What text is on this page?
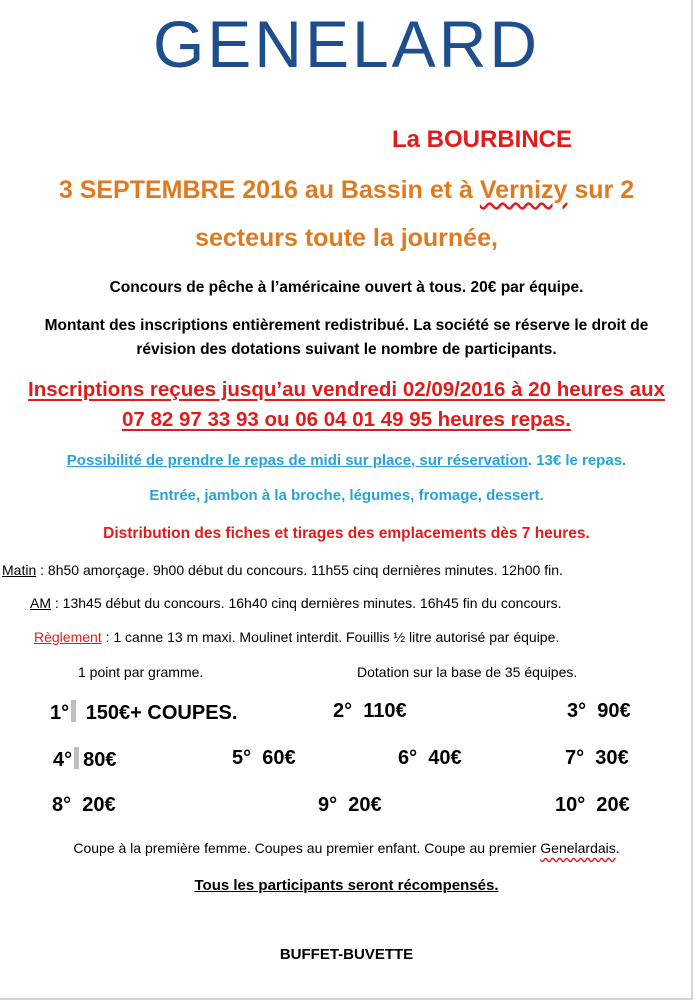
GENELARD
La BOURBINCE
3 SEPTEMBRE 2016 au Bassin et à Vernizy sur 2
secteurs toute la journée,
Concours de pêche à l’américaine ouvert à tous. 20€ par équipe.
Montant des inscriptions entièrement redistribué. La société se réserve le droit de
révision des dotations suivant le nombre de participants.
Inscriptions reçues jusqu’au vendredi 02/09/2016 à 20 heures aux
07 82 97 33 93 ou 06 04 01 49 95 heures repas.
Possibilité de prendre le repas de midi sur place, sur réservation. 13€ le repas.
Entrée, jambon à la broche, légumes, fromage, dessert.
Distribution des fiches et tirages des emplacements dès 7 heures.
Matin : 8h50 amorçage. 9h00 début du concours. 11h55 cinq dernières minutes. 12h00 fin.
AM : 13h45 début du concours. 16h40 cinq dernières minutes. 16h45 fin du concours.
Règlement : 1 canne 13 m maxi. Moulinet interdit. Fouillis ½ litre autorisé par équipe.
1 point par gramme.	Dotation sur la base de 35 équipes.
1° 150€+ COUPES.	2° 110€	3° 90€
4° 80€	5° 60€	6° 40€	7° 30€
8° 20€	9° 20€	10° 20€
Coupe à la première femme. Coupes au premier enfant. Coupe au premier Genelardais.
Tous les participants seront récompensés.
BUFFET-BUVETTE
